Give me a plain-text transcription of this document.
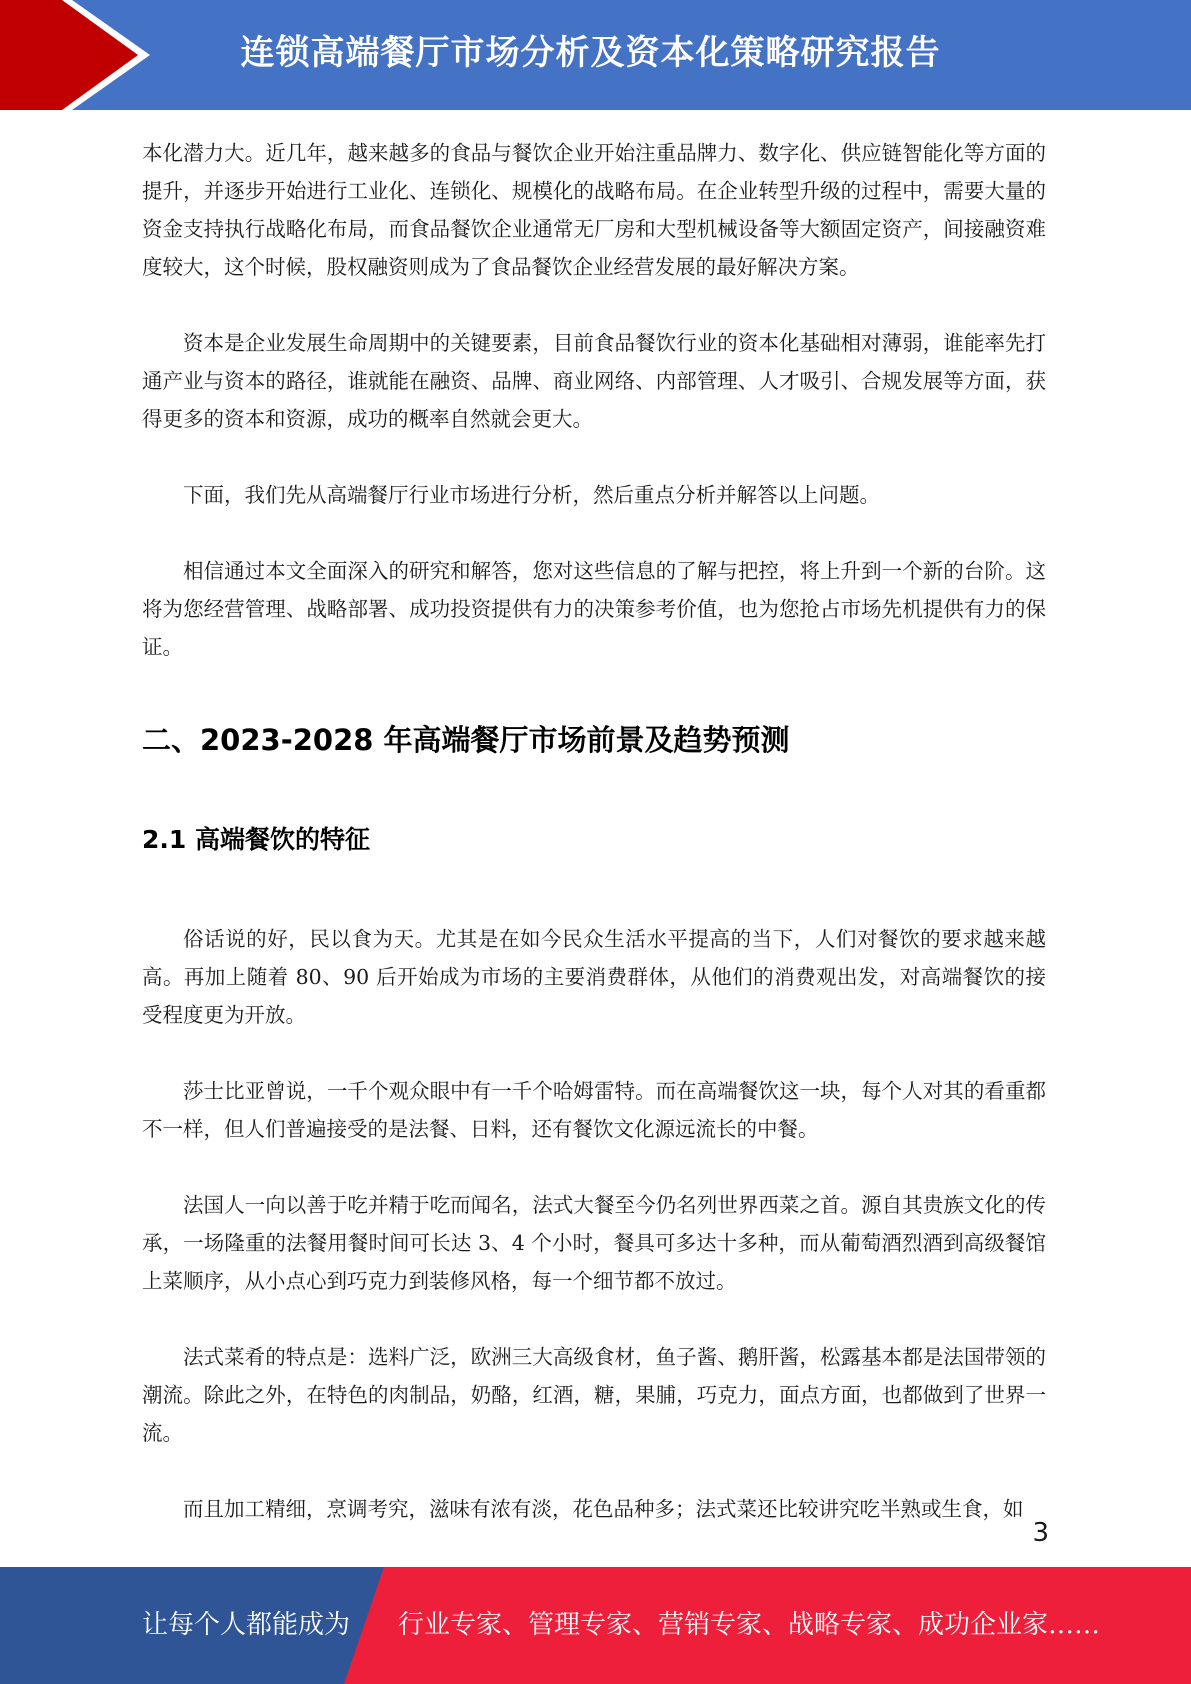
连锁高端餐厅市场分析及资本化策略研究报告

本化潜力大。近几年，越来越多的食品与餐饮企业开始注重品牌力、数字化、供应链智能化等方面的提升，并逐步开始进行工业化、连锁化、规模化的战略布局。在企业转型升级的过程中，需要大量的资金支持执行战略化布局，而食品餐饮企业通常无厂房和大型机械设备等大额固定资产，间接融资难度较大，这个时候，股权融资则成为了食品餐饮企业经营发展的最好解决方案。

资本是企业发展生命周期中的关键要素，目前食品餐饮行业的资本化基础相对薄弱，谁能率先打通产业与资本的路径，谁就能在融资、品牌、商业网络、内部管理、人才吸引、合规发展等方面，获得更多的资本和资源，成功的概率自然就会更大。

下面，我们先从高端餐厅行业市场进行分析，然后重点分析并解答以上问题。

相信通过本文全面深入的研究和解答，您对这些信息的了解与把控，将上升到一个新的台阶。这将为您经营管理、战略部署、成功投资提供有力的决策参考价值，也为您抢占市场先机提供有力的保证。

二、2023-2028 年高端餐厅市场前景及趋势预测
2.1 高端餐饮的特征

俗话说的好，民以食为天。尤其是在如今民众生活水平提高的当下，人们对餐饮的要求越来越高。再加上随着 80、90 后开始成为市场的主要消费群体，从他们的消费观出发，对高端餐饮的接受程度更为开放。

莎士比亚曾说，一千个观众眼中有一千个哈姆雷特。而在高端餐饮这一块，每个人对其的看重都不一样，但人们普遍接受的是法餐、日料，还有餐饮文化源远流长的中餐。

法国人一向以善于吃并精于吃而闻名，法式大餐至今仍名列世界西菜之首。源自其贵族文化的传承，一场隆重的法餐用餐时间可长达 3、4 个小时，餐具可多达十多种，而从葡萄酒烈酒到高级餐馆上菜顺序，从小点心到巧克力到装修风格，每一个细节都不放过。

法式菜肴的特点是：选料广泛，欧洲三大高级食材，鱼子酱、鹅肝酱，松露基本都是法国带领的潮流。除此之外，在特色的肉制品，奶酪，红酒，糖，果脯，巧克力，面点方面，也都做到了世界一流。

而且加工精细，烹调考究，滋味有浓有淡，花色品种多；法式菜还比较讲究吃半熟或生食，如

3
让每个人都能成为 行业专家、管理专家、营销专家、战略专家、成功企业家……
